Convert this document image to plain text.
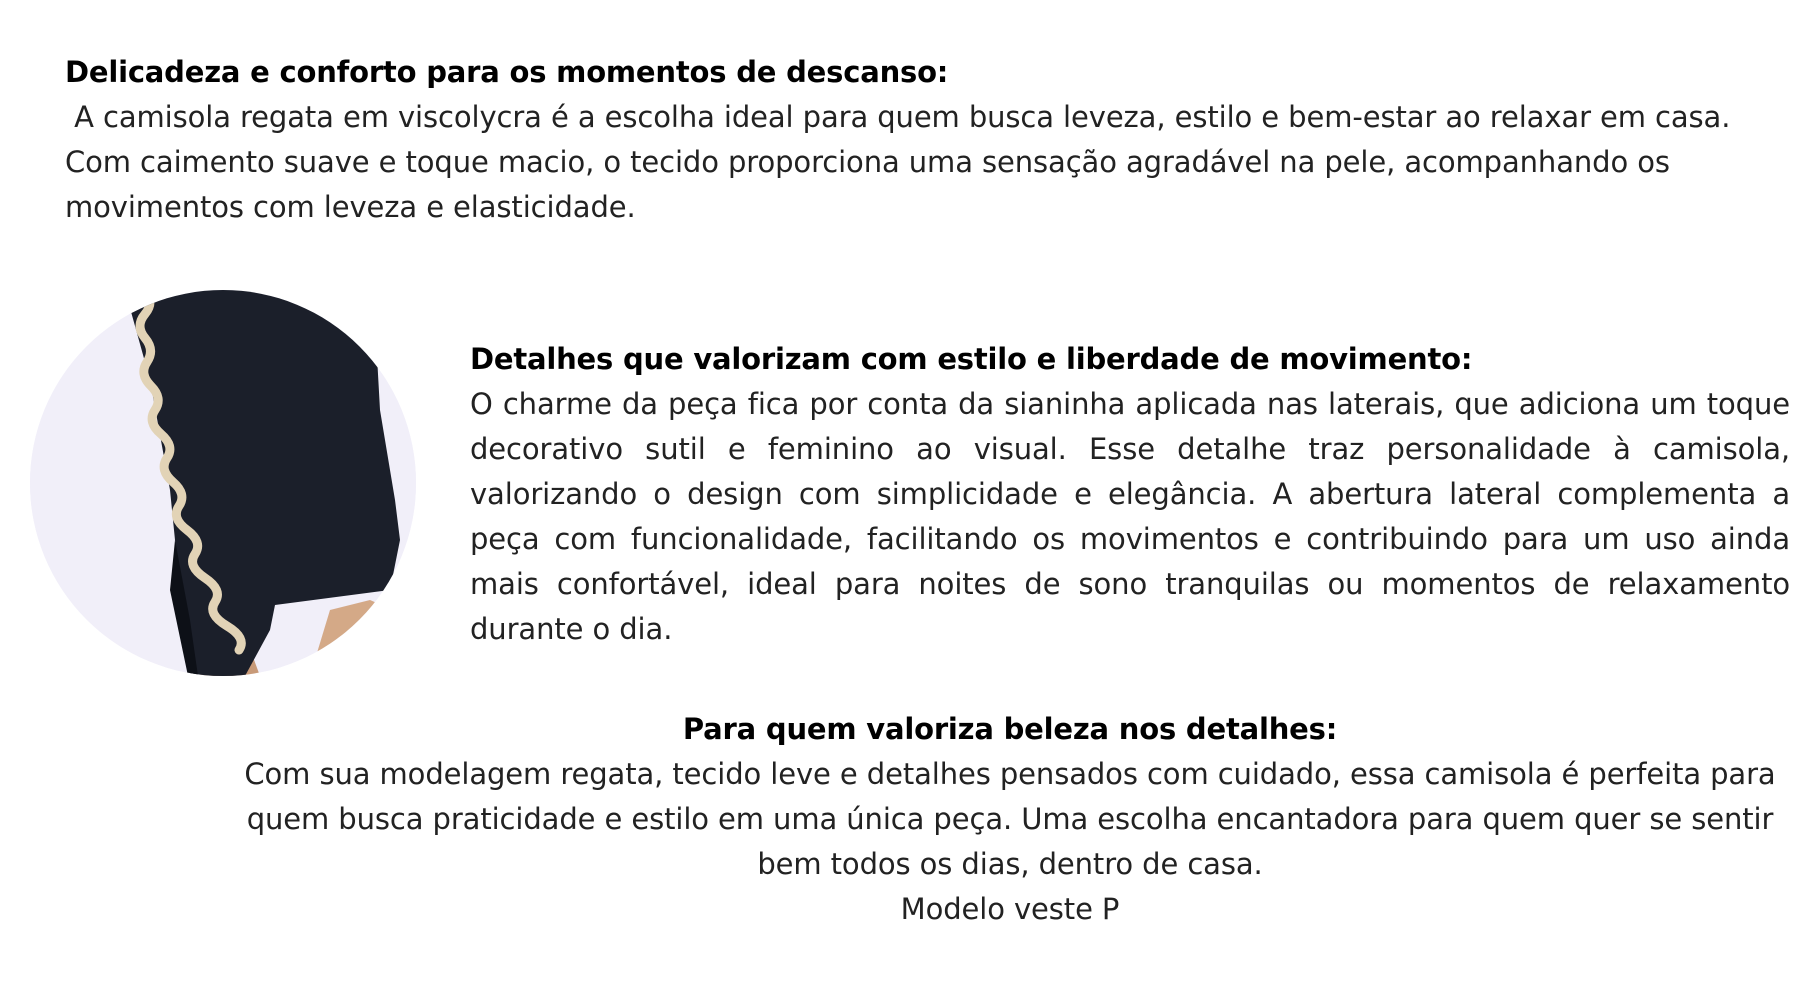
Delicadeza e conforto para os momentos de descanso:

A camisola regata em viscolycra é a escolha ideal para quem busca leveza, estilo e bem-estar ao relaxar em casa. Com caimento suave e toque macio, o tecido proporciona uma sensação agradável na pele, acompanhando os movimentos com leveza e elasticidade.

Detalhes que valorizam com estilo e liberdade de movimento:

O charme da peça fica por conta da sianinha aplicada nas laterais, que adiciona um toque decorativo sutil e feminino ao visual. Esse detalhe traz personalidade à camisola, valorizando o design com simplicidade e elegância. A abertura lateral complementa a peça com funcionalidade, facilitando os movimentos e contribuindo para um uso ainda mais confortável, ideal para noites de sono tranquilas ou momentos de relaxamento durante o dia.

Para quem valoriza beleza nos detalhes:

Com sua modelagem regata, tecido leve e detalhes pensados com cuidado, essa camisola é perfeita para quem busca praticidade e estilo em uma única peça. Uma escolha encantadora para quem quer se sentir bem todos os dias, dentro de casa.

Modelo veste P
